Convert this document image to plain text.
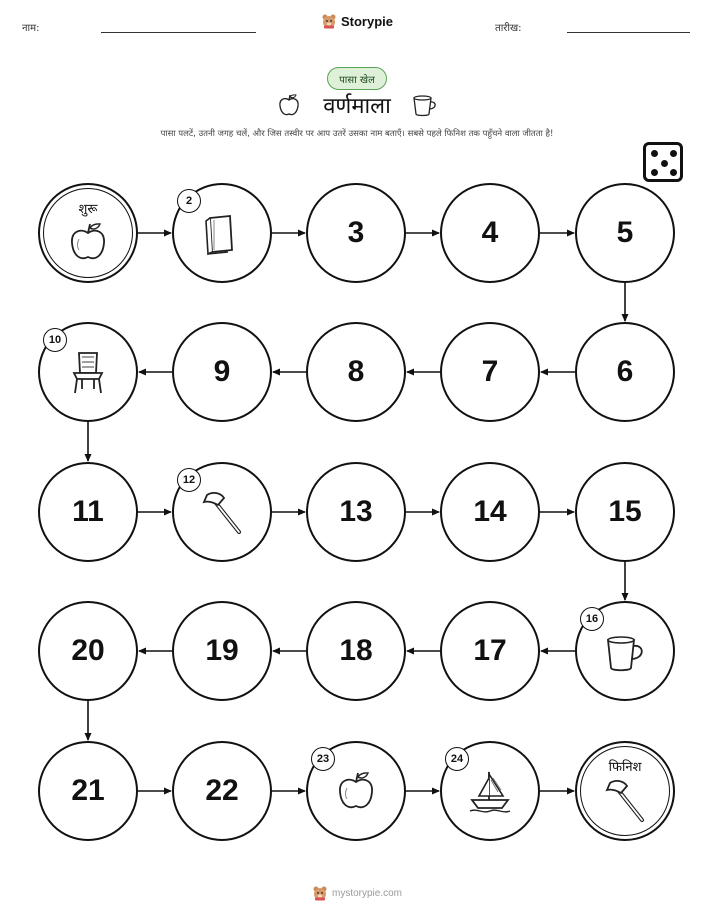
नाम:	Storypie	तारीख:
पासा खेल
वर्णमाला
पासा पलटें, उतनी जगह चलें, और जिस तस्वीर पर आप उतरें उसका नाम बताएँ। सबसे पहले फिनिश तक पहुँचने वाला जीतता है!
शुरू
2
3	4	5
6
7
8
9
10
11
12
13	14	15
16
17
18
19
20
21	22
23	24
फिनिश
mystorypie.com
